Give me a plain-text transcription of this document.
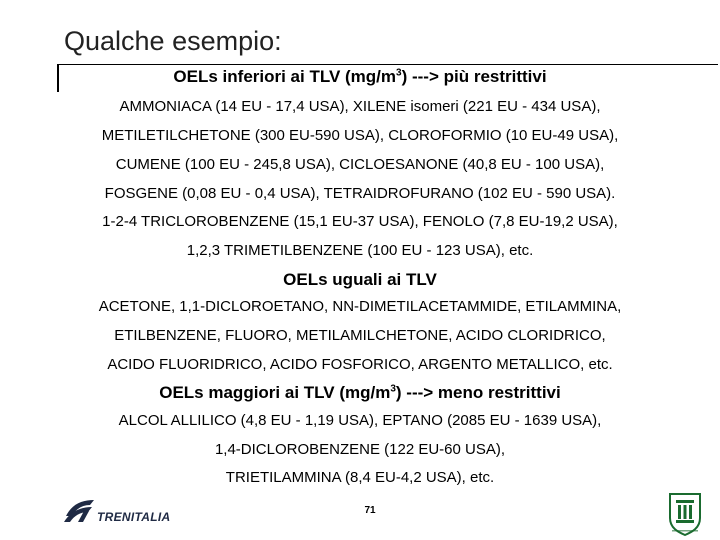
Qualche esempio:
OELs inferiori ai TLV $(mg/m^3)$ ---> più restrittivi
AMMONIACA (14 EU - 17,4 USA), XILENE isomeri (221 EU - 434 USA),
METILETILCHETONE (300 EU-590 USA), CLOROFORMIO (10 EU-49 USA),
CUMENE (100 EU - 245,8 USA), CICLOESANONE (40,8 EU - 100 USA),
FOSGENE (0,08 EU - 0,4 USA), TETRAIDROFURANO (102 EU - 590 USA).
1-2-4 TRICLOROBENZENE (15,1 EU-37 USA), FENOLO (7,8 EU-19,2 USA),
1,2,3 TRIMETILBENZENE (100 EU - 123 USA), etc.
OELs uguali ai TLV
ACETONE, 1,1-DICLOROETANO, NN-DIMETILACETAMMIDE, ETILAMMINA,
ETILBENZENE, FLUORO, METILAMILCHETONE, ACIDO CLORIDRICO,
ACIDO FLUORIDRICO, ACIDO FOSFORICO, ARGENTO METALLICO, etc.
OELs maggiori ai TLV $(mg/m^3)$ ---> meno restrittivi
ALCOL ALLILICO (4,8 EU - 1,19 USA), EPTANO (2085 EU - 1639 USA),
1,4-DICLOROBENZENE (122 EU-60 USA),
TRIETILAMMINA (8,4 EU-4,2 USA), etc.
TRENITALIA	71
